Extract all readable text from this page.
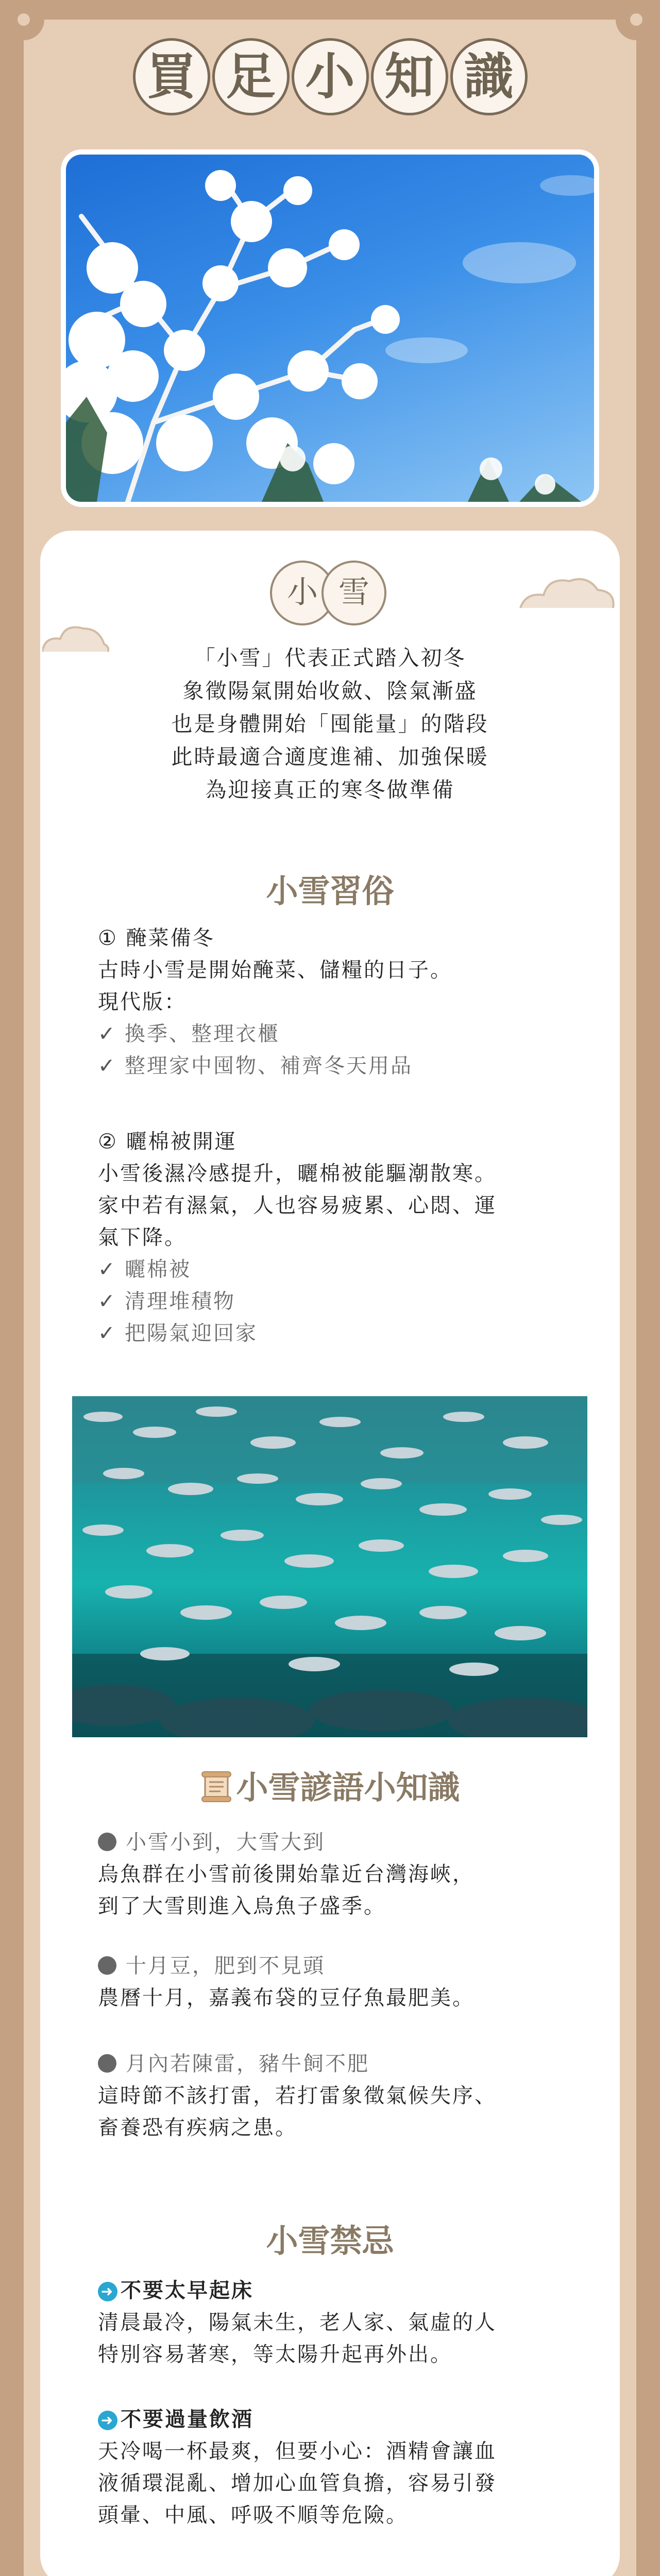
買 足 小 知 識
小 雪
「小雪」代表正式踏入初冬
象徵陽氣開始收斂、陰氣漸盛
也是身體開始「囤能量」的階段
此時最適合適度進補、加強保暖
為迎接真正的寒冬做準備
小雪習俗
① 醃菜備冬
古時小雪是開始醃菜、儲糧的日子。
現代版：
✓ 換季、整理衣櫃
✓ 整理家中囤物、補齊冬天用品
② 曬棉被開運
小雪後濕冷感提升，曬棉被能驅潮散寒。
家中若有濕氣，人也容易疲累、心悶、運
氣下降。
✓ 曬棉被
✓ 清理堆積物
✓ 把陽氣迎回家
小雪諺語小知識
小雪小到，大雪大到
烏魚群在小雪前後開始靠近台灣海峽，
到了大雪則進入烏魚子盛季。
十月豆，肥到不見頭
農曆十月，嘉義布袋的豆仔魚最肥美。
月內若陳雷，豬牛飼不肥
這時節不該打雷，若打雷象徵氣候失序、
畜養恐有疾病之患。
小雪禁忌
➜ 不要太早起床
清晨最冷，陽氣未生，老人家、氣虛的人
特別容易著寒，等太陽升起再外出。
➜ 不要過量飲酒
天冷喝一杯最爽，但要小心：酒精會讓血
液循環混亂、增加心血管負擔，容易引發
頭暈、中風、呼吸不順等危險。
